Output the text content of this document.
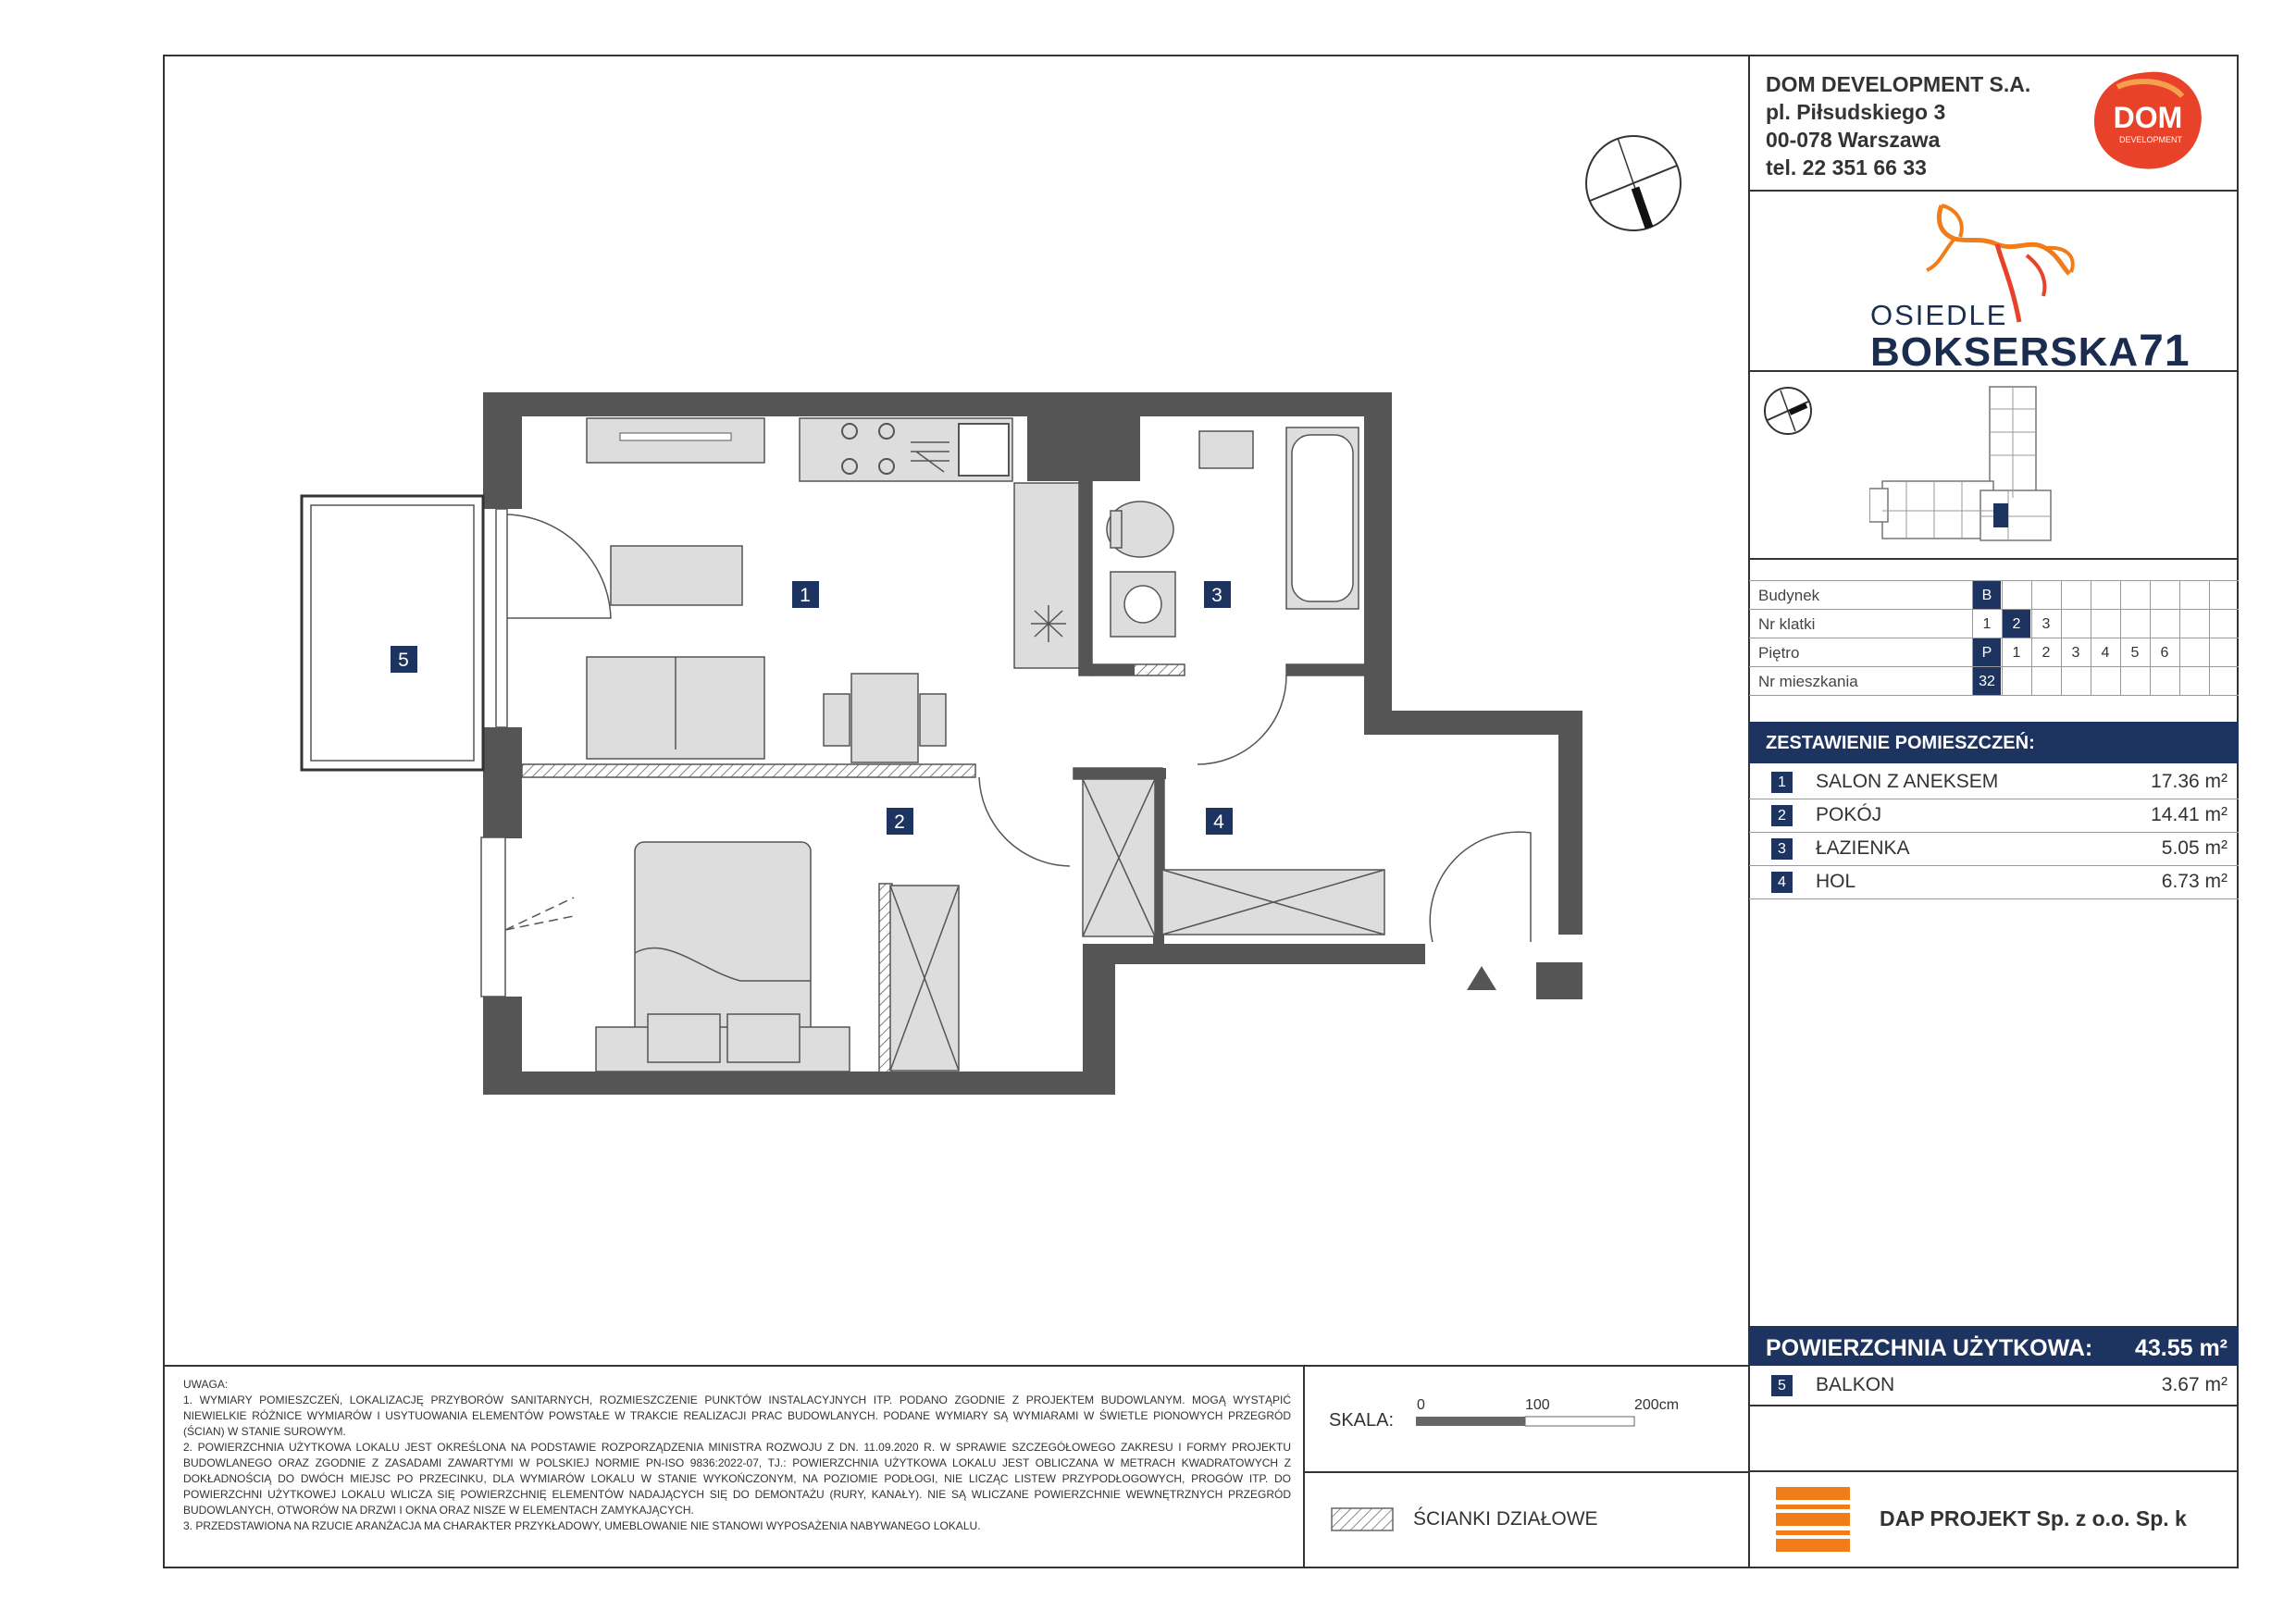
DOM DEVELOPMENT S.A.
pl. Piłsudskiego 3
00-078 Warszawa
tel. 22 351 66 33
DOM
DEVELOPMENT
OSIEDLE
BOKSERSKA71
Budynek	B
Nr klatki	1	2	3
Piętro	P	1	2	3	4	5	6
Nr mieszkania	32
ZESTAWIENIE POMIESZCZEŃ:
1	SALON Z ANEKSEM	17.36 m²
2	POKÓJ	14.41 m²
3	ŁAZIENKA	5.05 m²
4	HOL	6.73 m²
POWIERZCHNIA UŻYTKOWA: 43.55 m²
5	BALKON	3.67 m²
UWAGA:
1. WYMIARY POMIESZCZEŃ, LOKALIZACJĘ PRZYBORÓW SANITARNYCH, ROZMIESZCZENIE PUNKTÓW INSTALACYJNYCH ITP. PODANO ZGODNIE Z PROJEKTEM BUDOWLANYM. MOGĄ WYSTĄPIĆ NIEWIELKIE RÓŻNICE WYMIARÓW I USYTUOWANIA ELEMENTÓW POWSTAŁE W TRAKCIE REALIZACJI PRAC BUDOWLANYCH. PODANE WYMIARY SĄ WYMIARAMI W ŚWIETLE PIONOWYCH PRZEGRÓD (ŚCIAN) W STANIE SUROWYM.
2. POWIERZCHNIA UŻYTKOWA LOKALU JEST OKREŚLONA NA PODSTAWIE ROZPORZĄDZENIA MINISTRA ROZWOJU Z DN. 11.09.2020 R. W SPRAWIE SZCZEGÓŁOWEGO ZAKRESU I FORMY PROJEKTU BUDOWLANEGO ORAZ ZGODNIE Z ZASADAMI ZAWARTYMI W POLSKIEJ NORMIE PN-ISO 9836:2022-07, TJ.: POWIERZCHNIA UŻYTKOWA LOKALU JEST OBLICZANA W METRACH KWADRATOWYCH Z DOKŁADNOŚCIĄ DO DWÓCH MIEJSC PO PRZECINKU, DLA WYMIARÓW LOKALU W STANIE WYKOŃCZONYM, NA POZIOMIE PODŁOGI, NIE LICZĄC LISTEW PRZYPODŁOGOWYCH, PROGÓW ITP. DO POWIERZCHNI UŻYTKOWEJ LOKALU WLICZA SIĘ POWIERZCHNIĘ ELEMENTÓW NADAJĄCYCH SIĘ DO DEMONTAŻU (RURY, KANAŁY). NIE SĄ WLICZANE POWIERZCHNIE WEWNĘTRZNYCH PRZEGRÓD BUDOWLANYCH, OTWORÓW NA DRZWI I OKNA ORAZ NISZE W ELEMENTACH ZAMYKAJĄCYCH.
3. PRZEDSTAWIONA NA RZUCIE ARANŻACJA MA CHARAKTER PRZYKŁADOWY, UMEBLOWANIE NIE STANOWI WYPOSAŻENIA NABYWANEGO LOKALU.
SKALA:
0	100	200cm
ŚCIANKI DZIAŁOWE	DAP PROJEKT Sp. z o.o. Sp. k
1
2
3
4
5
